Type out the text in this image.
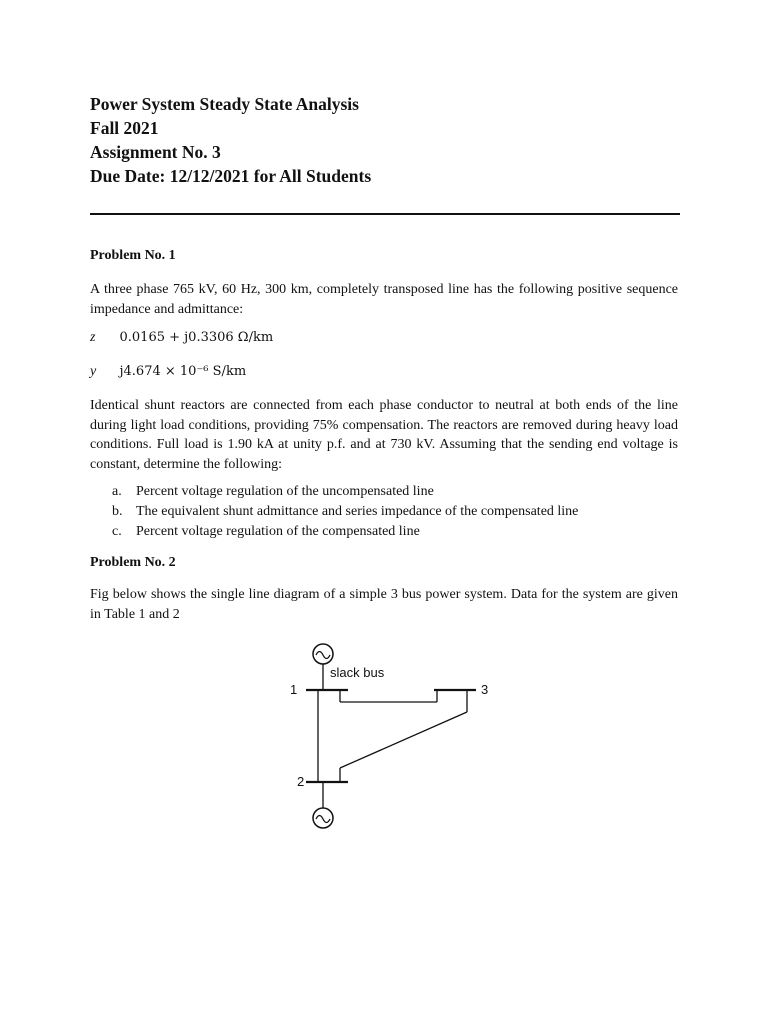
Power System Steady State Analysis
Fall 2021
Assignment No. 3
Due Date: 12/12/2021 for All Students
Problem No. 1
A three phase 765 kV, 60 Hz, 300 km, completely transposed line has the following positive sequence impedance and admittance:
z 0.0165 + j0.3306 Ω/km
y j4.674 × 10⁻⁶ S/km
Identical shunt reactors are connected from each phase conductor to neutral at both ends of the line during light load conditions, providing 75% compensation. The reactors are removed during heavy load conditions. Full load is 1.90 kA at unity p.f. and at 730 kV. Assuming that the sending end voltage is constant, determine the following:
a. Percent voltage regulation of the uncompensated line
b. The equivalent shunt admittance and series impedance of the compensated line
c. Percent voltage regulation of the compensated line
Problem No. 2
Fig below shows the single line diagram of a simple 3 bus power system. Data for the system are given in Table 1 and 2
slack bus
1	3
2
